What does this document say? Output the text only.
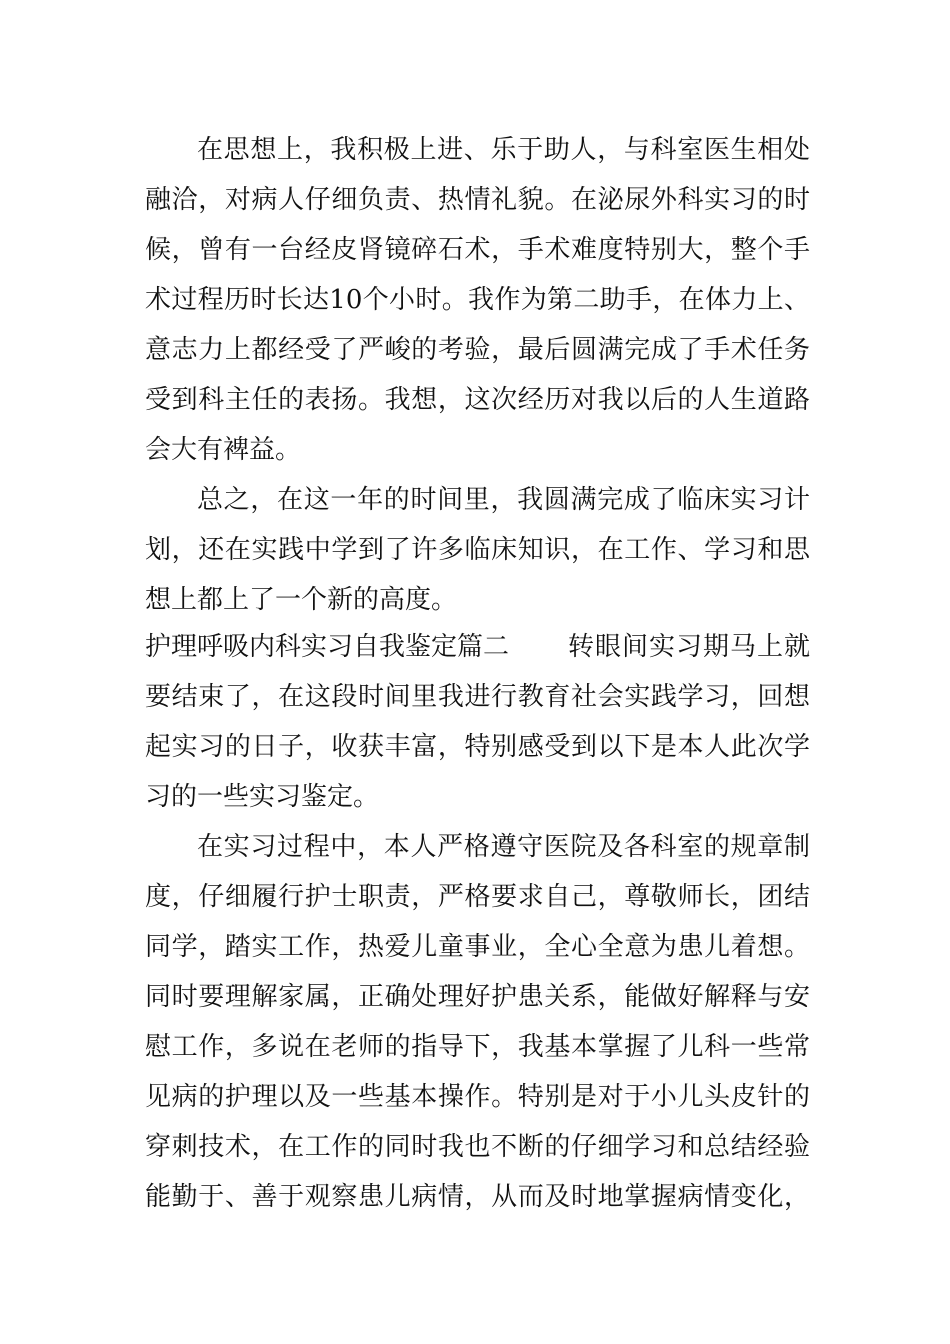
在思想上，我积极上进、乐于助人，与科室医生相处
融洽，对病人仔细负责、热情礼貌。在泌尿外科实习的时
候，曾有一台经皮肾镜碎石术，手术难度特别大，整个手
术过程历时长达10个小时。我作为第二助手，在体力上、
意志力上都经受了严峻的考验，最后圆满完成了手术任务
受到科主任的表扬。我想，这次经历对我以后的人生道路
会大有裨益。
总之，在这一年的时间里，我圆满完成了临床实习计
划，还在实践中学到了许多临床知识，在工作、学习和思
想上都上了一个新的高度。
护理呼吸内科实习自我鉴定篇二 转眼间实习期马上就
要结束了，在这段时间里我进行教育社会实践学习，回想
起实习的日子，收获丰富，特别感受到以下是本人此次学
习的一些实习鉴定。
在实习过程中，本人严格遵守医院及各科室的规章制
度，仔细履行护士职责，严格要求自己，尊敬师长，团结
同学，踏实工作，热爱儿童事业，全心全意为患儿着想。
同时要理解家属，正确处理好护患关系，能做好解释与安
慰工作，多说在老师的指导下，我基本掌握了儿科一些常
见病的护理以及一些基本操作。特别是对于小儿头皮针的
穿刺技术，在工作的同时我也不断的仔细学习和总结经验
能勤于、善于观察患儿病情，从而及时地掌握病情变化，
